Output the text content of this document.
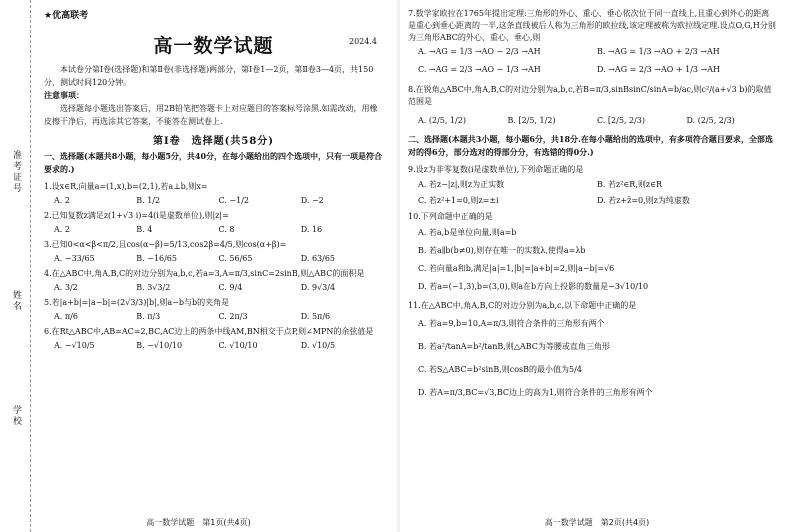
准考证号
姓名
学校
★优高联考
高一数学试题	2024.4

本试卷分第Ⅰ卷(选择题)和第Ⅱ卷(非选择题)两部分，第Ⅰ卷1—2页，第Ⅱ卷3—4页，共150分，测试时间120分钟。

注意事项：

选择题每小题选出答案后，用2B铅笔把答题卡上对应题目的答案标号涂黑.如需改动，用橡皮擦干净后，再选涂其它答案，不能答在测试卷上.

第Ⅰ卷　选择题(共58分)

一、选择题(本题共8小题，每小题5分，共40分，在每小题给出的四个选项中，只有一项是符合要求的.)

1.设x∈R,向量a=(1,x),b=(2,1),若a⊥b,则x=

A. 2	B. 1/2	C. −1/2	D. −2

2.已知复数z满足z(1+√3 i)=4(i是虚数单位),则|z|=

A. 2	B. 4	C. 8	D. 16

3.已知0<α<β<π/2,且cos(α−β)=5/13,cos2β=4/5,则cos(α+β)=

A. −33/65	B. −16/65	C. 56/65	D. 63/65

4.在△ABC中,角A,B,C的对边分别为a,b,c,若a=3,A=π/3,sinC=2sinB,则△ABC的面积是

A. 3/2	B. 3√3/2	C. 9/4	D. 9√3/4

5.若|a+b|=|a−b|=(2√3/3)|b|,则a−b与b的夹角是

A. π/6	B. π/3	C. 2π/3	D. 5π/6

6.在Rt△ABC中,AB=AC=2,BC,AC边上的两条中线AM,BN相交于点P,则∠MPN的余弦值是

A. −√10/5	B. −√10/10	C. √10/10	D. √10/5
高一数学试题　第1页(共4页)

7.数学家欧拉在1765年提出定理:三角形的外心、重心、垂心依次位于同一直线上,且重心到外心的距离是重心到垂心距离的一半,这条直线被后人称为三角形的欧拉线,该定理被称为欧拉线定理.设点O,G,H分别为三角形ABC的外心、重心、垂心,则

A. →AG = 1/3 →AO − 2/3 →AH	B. →AG = 1/3 →AO + 2/3 →AH
C. →AG = 2/3 →AO − 1/3 →AH	D. →AG = 2/3 →AO + 1/3 →AH

8.在锐角△ABC中,角A,B,C的对边分别为a,b,c,若B=π/3,sinBsinC/sinA=b/ac,则c²/(a+√3 b)的取值范围是

A. (2/5, 1/2)	B. [2/5, 1/2)	C. [2/5, 2/3)	D. (2/5, 2/3)

二、选择题(本题共3小题，每小题6分，共18分.在每小题给出的选项中，有多项符合题目要求，全部选对的得6分，部分选对的得部分分，有选错的得0分.)

9.设z为非零复数(i是虚数单位),下列命题正确的是

A. 若z−|z|,则z为正实数	B. 若z²∈R,则z∈R
C. 若z²+1=0,则z=±i	D. 若z+z̄=0,则z为纯虚数

10.下列命题中正确的是

A. 若a,b是单位向量,则a=b
B. 若a∥b(b≠0),则存在唯一的实数λ,使得a=λb
C. 若向量a和b,满足|a|=1,|b|=|a+b|=2,则|a−b|=√6
D. 若a=(−1,3),b=(3,0),则a在b方向上投影的数量是−3√10/10

11.在△ABC中,角A,B,C的对边分别为a,b,c,以下命题中正确的是

A. 若a=9,b=10,A=π/3,则符合条件的三角形有两个
B. 若a²/tanA=b²/tanB,则△ABC为等腰或直角三角形
C. 若S△ABC=b²sinB,则cosB的最小值为5/4
D. 若A=π/3,BC=√3,BC边上的高为1,则符合条件的三角形有两个
高一数学试题　第2页(共4页)
